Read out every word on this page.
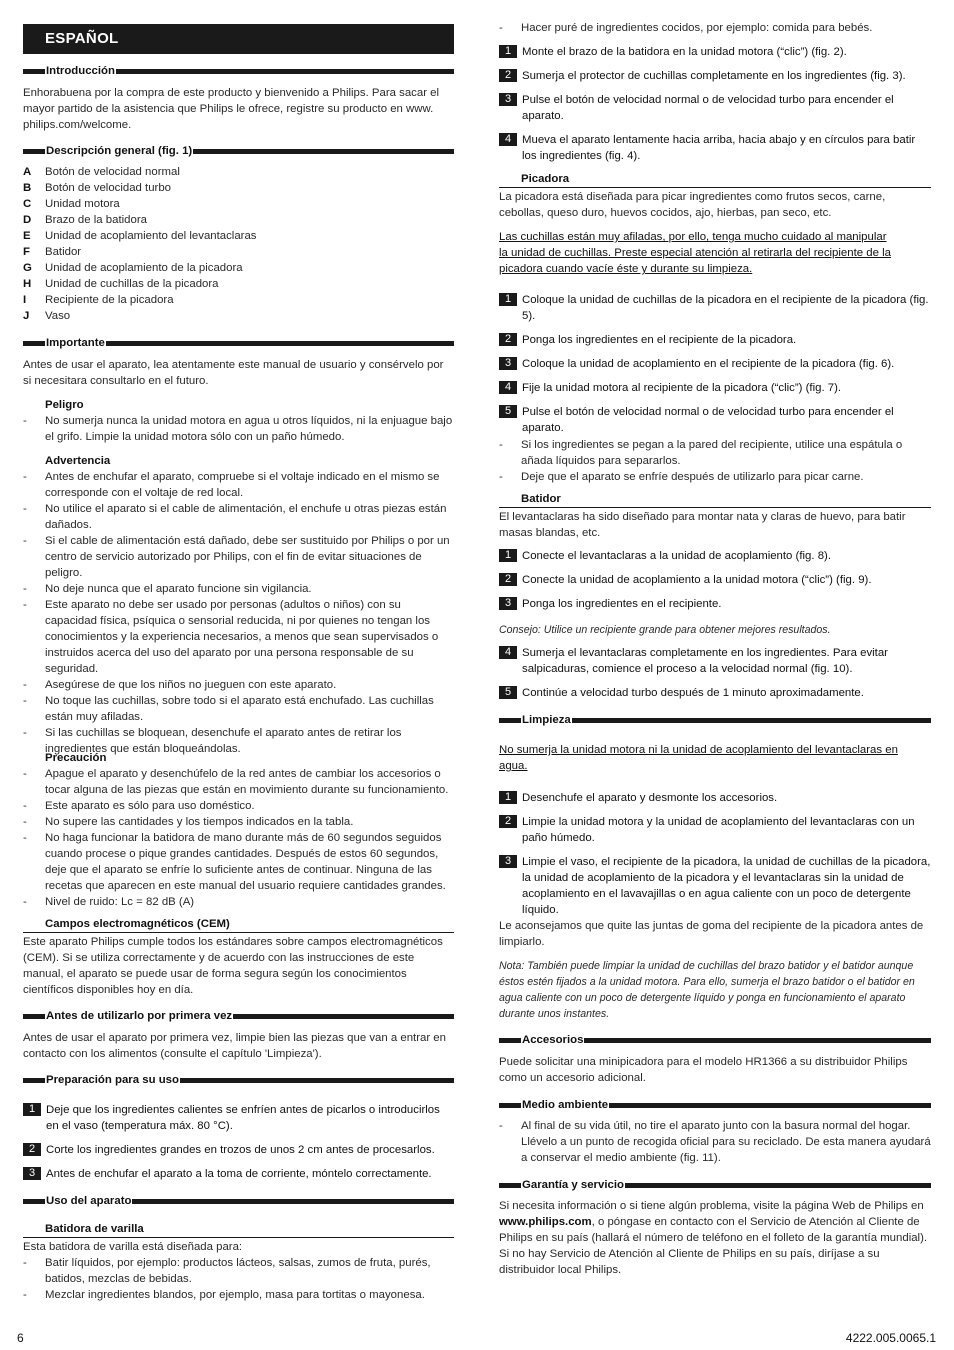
ESPAÑOL
Introducción
Enhorabuena por la compra de este producto y bienvenido a Philips. Para sacar el mayor partido de la asistencia que Philips le ofrece, registre su producto en www. philips.com/welcome.
Descripción general (fig. 1)
A Botón de velocidad normal
B Botón de velocidad turbo
C Unidad motora
D Brazo de la batidora
E Unidad de acoplamiento del levantaclaras
F Batidor
G Unidad de acoplamiento de la picadora
H Unidad de cuchillas de la picadora
I Recipiente de la picadora
J Vaso
Importante
Antes de usar el aparato, lea atentamente este manual de usuario y consérvelo por si necesitara consultarlo en el futuro.
Peligro
- No sumerja nunca la unidad motora en agua u otros líquidos, ni la enjuague bajo el grifo. Limpie la unidad motora sólo con un paño húmedo.
Advertencia
- Antes de enchufar el aparato, compruebe si el voltaje indicado en el mismo se corresponde con el voltaje de red local.
- No utilice el aparato si el cable de alimentación, el enchufe u otras piezas están dañados.
- Si el cable de alimentación está dañado, debe ser sustituido por Philips o por un centro de servicio autorizado por Philips, con el fin de evitar situaciones de peligro.
- No deje nunca que el aparato funcione sin vigilancia.
- Este aparato no debe ser usado por personas (adultos o niños) con su capacidad física, psíquica o sensorial reducida, ni por quienes no tengan los conocimientos y la experiencia necesarios, a menos que sean supervisados o instruidos acerca del uso del aparato por una persona responsable de su seguridad.
- Asegúrese de que los niños no jueguen con este aparato.
- No toque las cuchillas, sobre todo si el aparato está enchufado. Las cuchillas están muy afiladas.
- Si las cuchillas se bloquean, desenchufe el aparato antes de retirar los ingredientes que están bloqueándolas.
Precaución
- Apague el aparato y desenchúfelo de la red antes de cambiar los accesorios o tocar alguna de las piezas que están en movimiento durante su funcionamiento.
- Este aparato es sólo para uso doméstico.
- No supere las cantidades y los tiempos indicados en la tabla.
- No haga funcionar la batidora de mano durante más de 60 segundos seguidos cuando procese o pique grandes cantidades. Después de estos 60 segundos, deje que el aparato se enfríe lo suficiente antes de continuar. Ninguna de las recetas que aparecen en este manual del usuario requiere cantidades grandes.
- Nivel de ruido: Lc = 82 dB (A)
Campos electromagnéticos (CEM)
Este aparato Philips cumple todos los estándares sobre campos electromagnéticos (CEM). Si se utiliza correctamente y de acuerdo con las instrucciones de este manual, el aparato se puede usar de forma segura según los conocimientos científicos disponibles hoy en día.
Antes de utilizarlo por primera vez
Antes de usar el aparato por primera vez, limpie bien las piezas que van a entrar en contacto con los alimentos (consulte el capítulo 'Limpieza').
Preparación para su uso
1 Deje que los ingredientes calientes se enfríen antes de picarlos o introducirlos en el vaso (temperatura máx. 80 °C).
2 Corte los ingredientes grandes en trozos de unos 2 cm antes de procesarlos.
3 Antes de enchufar el aparato a la toma de corriente, móntelo correctamente.
Uso del aparato
Batidora de varilla
Esta batidora de varilla está diseñada para:
- Batir líquidos, por ejemplo: productos lácteos, salsas, zumos de fruta, purés, batidos, mezclas de bebidas.
- Mezclar ingredientes blandos, por ejemplo, masa para tortitas o mayonesa.
-	Hacer puré de ingredientes cocidos, por ejemplo: comida para bebés.
1 Monte el brazo de la batidora en la unidad motora (“clic”) (fig. 2).
2 Sumerja el protector de cuchillas completamente en los ingredientes (fig. 3).
3 Pulse el botón de velocidad normal o de velocidad turbo para encender el aparato.
4 Mueva el aparato lentamente hacia arriba, hacia abajo y en círculos para batir los ingredientes (fig. 4).
Picadora
La picadora está diseñada para picar ingredientes como frutos secos, carne, cebollas, queso duro, huevos cocidos, ajo, hierbas, pan seco, etc.
Las cuchillas están muy afiladas, por ello, tenga mucho cuidado al manipular
la unidad de cuchillas. Preste especial atención al retirarla del recipiente de la
picadora cuando vacíe éste y durante su limpieza.
1 Coloque la unidad de cuchillas de la picadora en el recipiente de la picadora (fig. 5).
2 Ponga los ingredientes en el recipiente de la picadora.
3 Coloque la unidad de acoplamiento en el recipiente de la picadora (fig. 6).
4 Fije la unidad motora al recipiente de la picadora (“clic”) (fig. 7).
5 Pulse el botón de velocidad normal o de velocidad turbo para encender el aparato.
- Si los ingredientes se pegan a la pared del recipiente, utilice una espátula o añada líquidos para separarlos.
- Deje que el aparato se enfríe después de utilizarlo para picar carne.
Batidor
El levantaclaras ha sido diseñado para montar nata y claras de huevo, para batir masas blandas, etc.
1 Conecte el levantaclaras a la unidad de acoplamiento (fig. 8).
2 Conecte la unidad de acoplamiento a la unidad motora (“clic”) (fig. 9).
3 Ponga los ingredientes en el recipiente.
Consejo: Utilice un recipiente grande para obtener mejores resultados.
4 Sumerja el levantaclaras completamente en los ingredientes. Para evitar salpicaduras, comience el proceso a la velocidad normal (fig. 10).
5 Continúe a velocidad turbo después de 1 minuto aproximadamente.
Limpieza
No sumerja la unidad motora ni la unidad de acoplamiento del levantaclaras en
agua.
1 Desenchufe el aparato y desmonte los accesorios.
2 Limpie la unidad motora y la unidad de acoplamiento del levantaclaras con un paño húmedo.
3 Limpie el vaso, el recipiente de la picadora, la unidad de cuchillas de la picadora, la unidad de acoplamiento de la picadora y el levantaclaras sin la unidad de acoplamiento en el lavavajillas o en agua caliente con un poco de detergente líquido.
Le aconsejamos que quite las juntas de goma del recipiente de la picadora antes de limpiarlo.
Nota: También puede limpiar la unidad de cuchillas del brazo batidor y el batidor aunque éstos estén fijados a la unidad motora. Para ello, sumerja el brazo batidor o el batidor en agua caliente con un poco de detergente líquido y ponga en funcionamiento el aparato durante unos instantes.
Accesorios
Puede solicitar una minipicadora para el modelo HR1366 a su distribuidor Philips como un accesorio adicional.
Medio ambiente
- Al final de su vida útil, no tire el aparato junto con la basura normal del hogar. Llévelo a un punto de recogida oficial para su reciclado. De esta manera ayudará a conservar el medio ambiente (fig. 11).
Garantía y servicio
Si necesita información o si tiene algún problema, visite la página Web de Philips en www.philips.com, o póngase en contacto con el Servicio de Atención al Cliente de Philips en su país (hallará el número de teléfono en el folleto de la garantía mundial). Si no hay Servicio de Atención al Cliente de Philips en su país, diríjase a su distribuidor local Philips.
6	4222.005.0065.1
